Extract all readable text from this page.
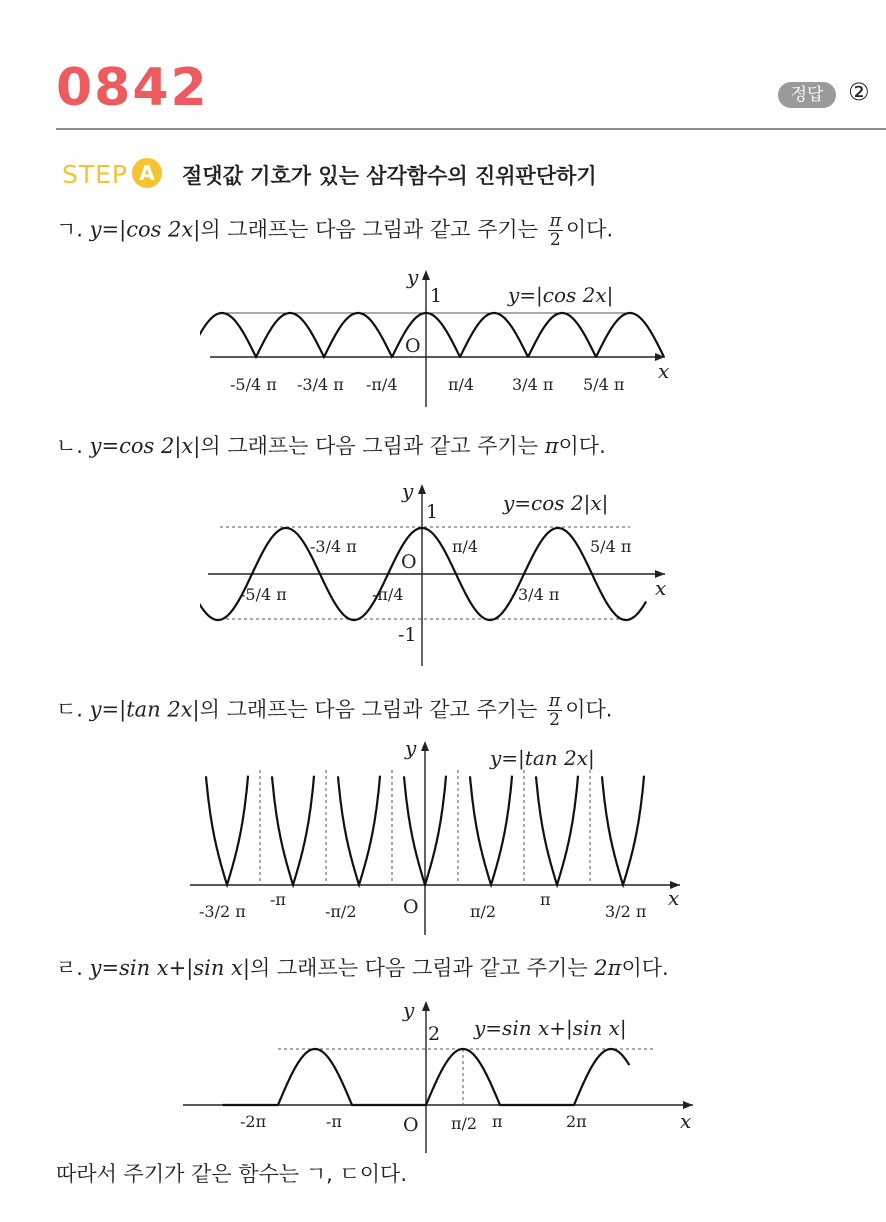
0842	정답	②
STEP A	절댓값 기호가 있는 삼각함수의 진위판단하기
ㄱ. y=|cos 2x|의 그래프는 다음 그림과 같고 주기는 $\frac{\pi}{2}$ 이다.
y
1
O
x
y=|cos 2x|
-5/4 π -3/4 π -π/4	π/4 3/4 π 5/4 π
ㄴ. y=cos 2|x|의 그래프는 다음 그림과 같고 주기는 π이다.
y
1
-1
O
x
y=cos 2|x|
-5/4 π
-3/4 π
-π/4
π/4
3/4 π
5/4 π
ㄷ. y=|tan 2x|의 그래프는 다음 그림과 같고 주기는 $\frac{\pi}{2}$ 이다.
y
O	x
y=|tan 2x|
-3/2 π
-π
-π/2	π/2
π
3/2 π
ㄹ. y=sin x+|sin x|의 그래프는 다음 그림과 같고 주기는 2π이다.
y
2
O	x
y=sin x+|sin x|
-2π	-π	π/2 π	2π
따라서 주기가 같은 함수는 ㄱ, ㄷ이다.
